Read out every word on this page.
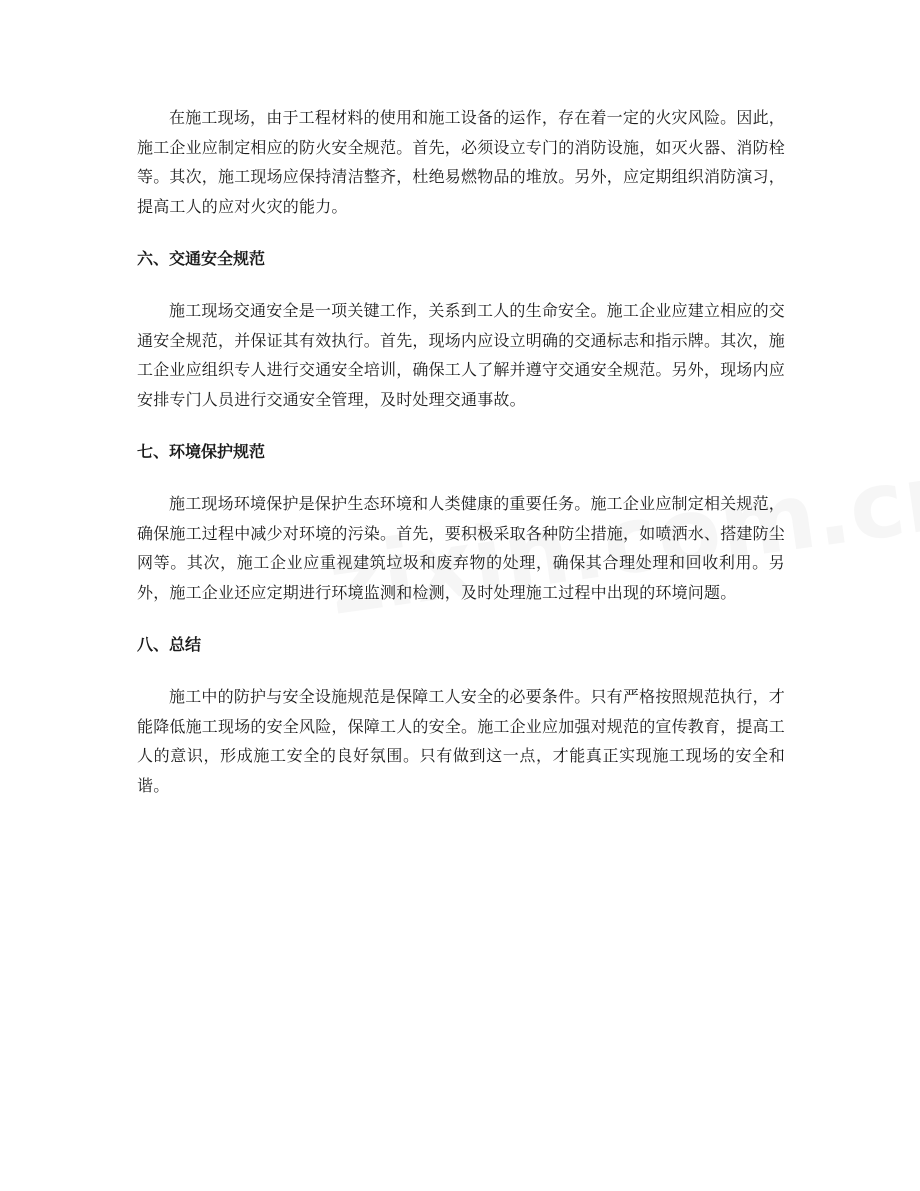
在施工现场，由于工程材料的使用和施工设备的运作，存在着一定的火灾风险。因此，施工企业应制定相应的防火安全规范。首先，必须设立专门的消防设施，如灭火器、消防栓等。其次，施工现场应保持清洁整齐，杜绝易燃物品的堆放。另外，应定期组织消防演习，提高工人的应对火灾的能力。

六、交通安全规范

施工现场交通安全是一项关键工作，关系到工人的生命安全。施工企业应建立相应的交通安全规范，并保证其有效执行。首先，现场内应设立明确的交通标志和指示牌。其次，施工企业应组织专人进行交通安全培训，确保工人了解并遵守交通安全规范。另外，现场内应安排专门人员进行交通安全管理，及时处理交通事故。

七、环境保护规范

施工现场环境保护是保护生态环境和人类健康的重要任务。施工企业应制定相关规范，确保施工过程中减少对环境的污染。首先，要积极采取各种防尘措施，如喷洒水、搭建防尘网等。其次，施工企业应重视建筑垃圾和废弃物的处理，确保其合理处理和回收利用。另外，施工企业还应定期进行环境监测和检测，及时处理施工过程中出现的环境问题。

八、总结

施工中的防护与安全设施规范是保障工人安全的必要条件。只有严格按照规范执行，才能降低施工现场的安全风险，保障工人的安全。施工企业应加强对规范的宣传教育，提高工人的意识，形成施工安全的良好氛围。只有做到这一点，才能真正实现施工现场的安全和谐。
